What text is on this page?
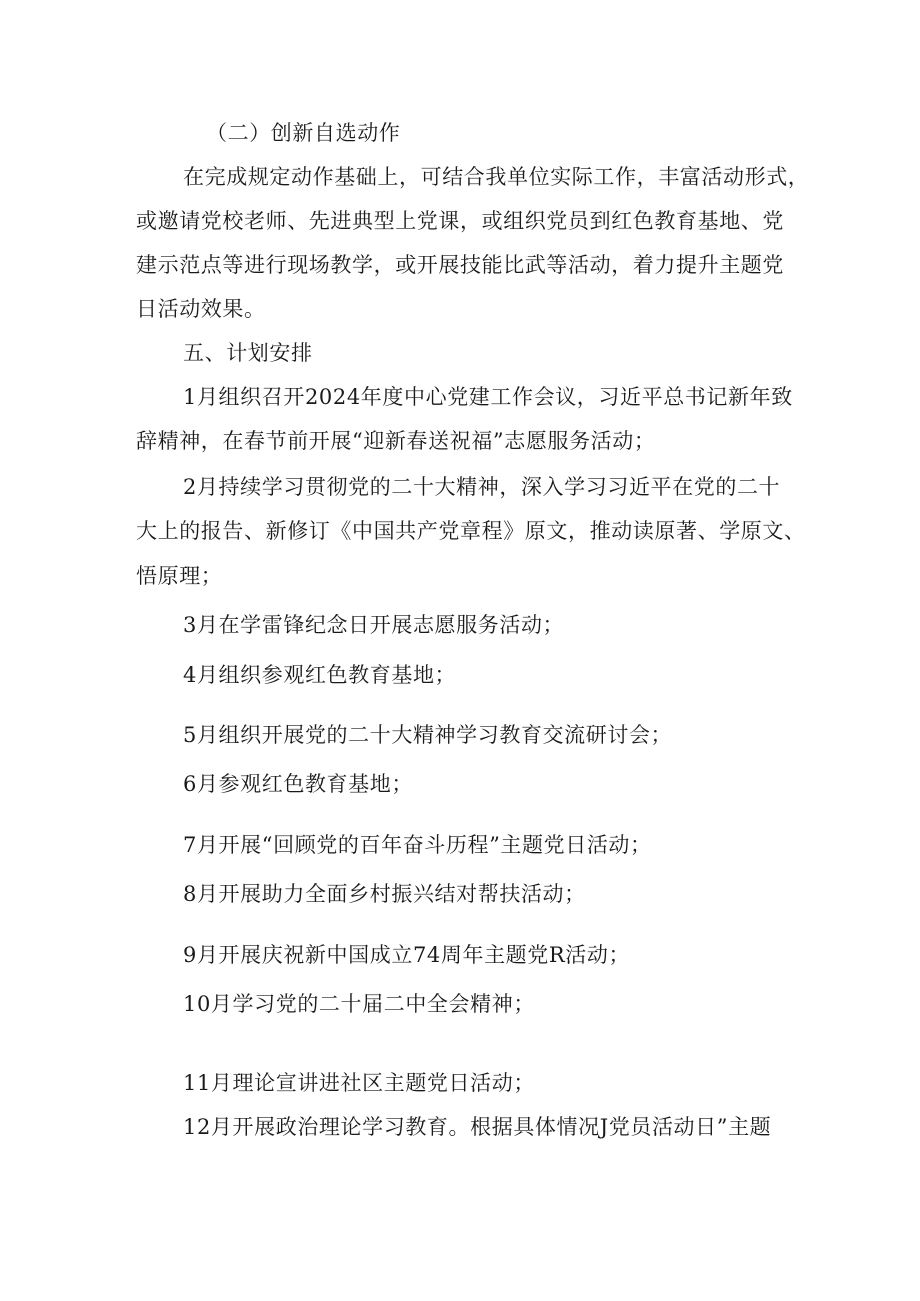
（二）创新自选动作
在完成规定动作基础上，可结合我单位实际工作，丰富活动形式，
或邀请党校老师、先进典型上党课，或组织党员到红色教育基地、党
建示范点等进行现场教学，或开展技能比武等活动，着力提升主题党
日活动效果。
五、计划安排
1月组织召开2024年度中心党建工作会议，习近平总书记新年致
辞精神，在春节前开展“迎新春送祝福”志愿服务活动；
2月持续学习贯彻党的二十大精神，深入学习习近平在党的二十
大上的报告、新修订《中国共产党章程》原文，推动读原著、学原文、
悟原理；
3月在学雷锋纪念日开展志愿服务活动；
4月组织参观红色教育基地；
5月组织开展党的二十大精神学习教育交流研讨会；
6月参观红色教育基地；
7月开展“回顾党的百年奋斗历程”主题党日活动；
8月开展助力全面乡村振兴结对帮扶活动；
9月开展庆祝新中国成立74周年主题党R活动；
10月学习党的二十届二中全会精神；
11月理论宣讲进社区主题党日活动；
12月开展政治理论学习教育。根据具体情况J党员活动日”主题
